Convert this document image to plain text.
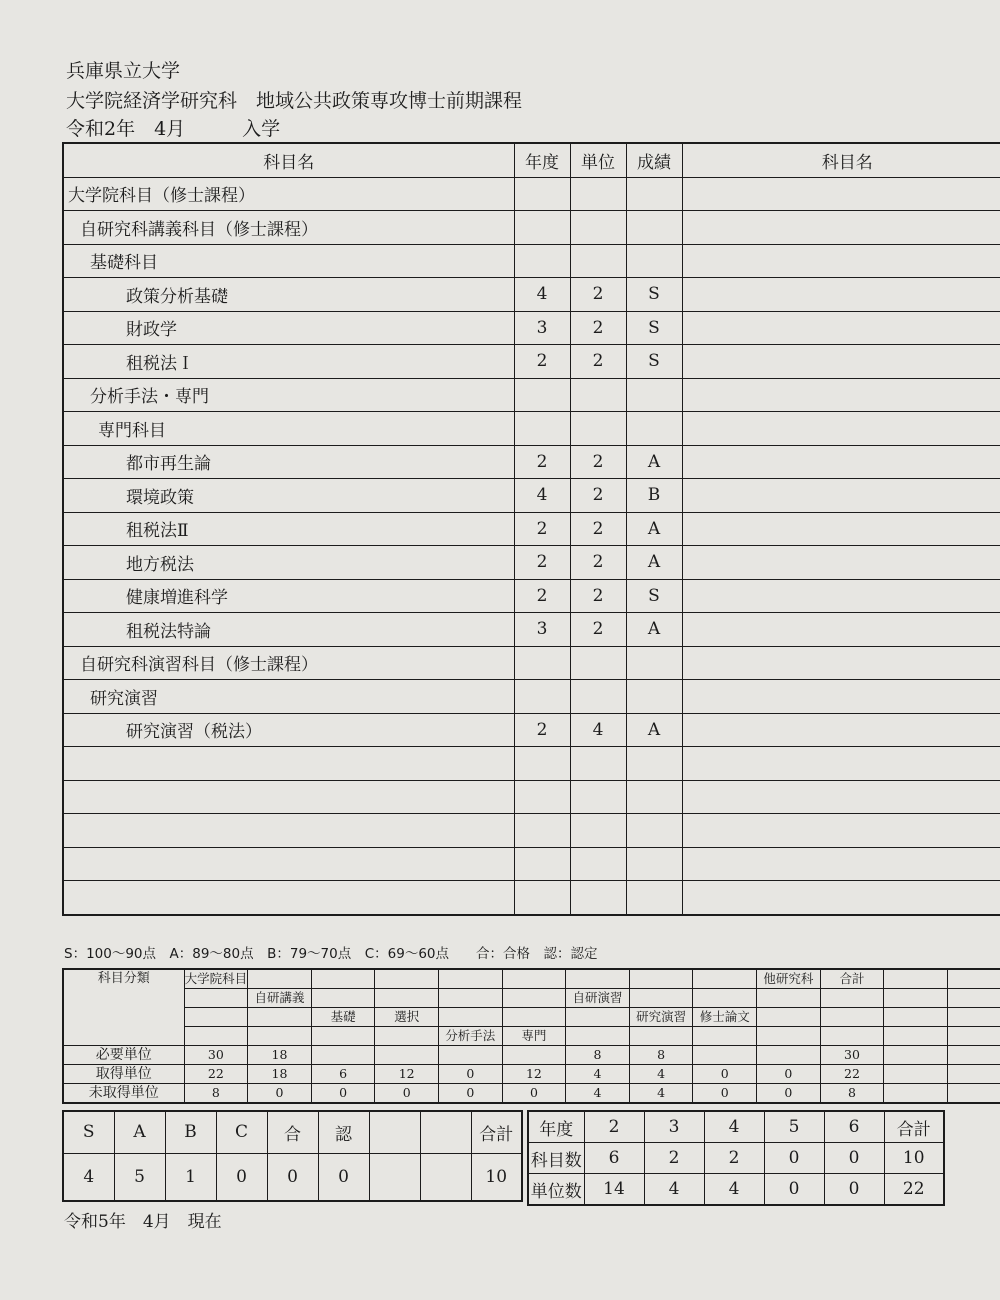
兵庫県立大学
大学院経済学研究科　地域公共政策専攻博士前期課程
令和2年　4月　　　入学
科目名	年度	単位	成績	科目名
大学院科目（修士課程）				
自研究科講義科目（修士課程）				
基礎科目				
政策分析基礎	4	2	S	
財政学	3	2	S	
租税法Ｉ	2	2	S	
分析手法・専門				
専門科目				
都市再生論	2	2	A	
環境政策	4	2	B	
租税法Ⅱ	2	2	A	
地方税法	2	2	A	
健康増進科学	2	2	S	
租税法特論	3	2	A	
自研究科演習科目（修士課程）				
研究演習				
研究演習（税法）	2	4	A	

S：100～90点　A：89～80点　B：79～70点　C：69～60点　　合：合格　認：認定
科目分類	大学院科目									他研究科	合計		
		自研講義					自研演習						
			基礎	選択				研究演習	修士論文				
					分析手法	専門							
必要単位	30	18					8	8			30		
取得単位	22	18	6	12	0	12	4	4	0	0	22		
未取得単位	8	0	0	0	0	0	4	4	0	0	8		
S	A	B	C	合	認			合計
4	5	1	0	0	0			10
年度	2	3	4	5	6	合計
科目数	6	2	2	0	0	10
単位数	14	4	4	0	0	22
令和5年　4月　現在
